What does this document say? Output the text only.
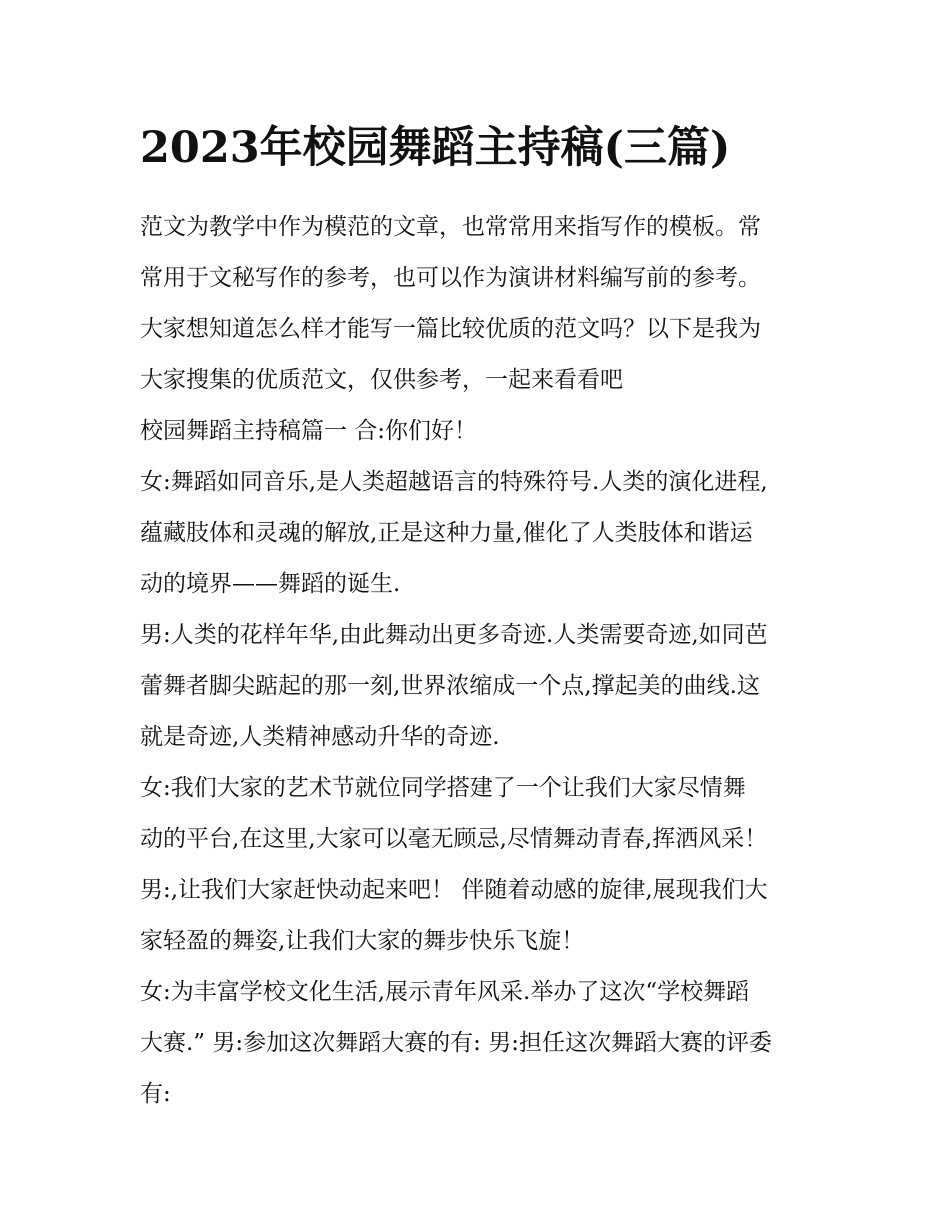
2023年校园舞蹈主持稿(三篇)

范文为教学中作为模范的文章，也常常用来指写作的模板。常

常用于文秘写作的参考，也可以作为演讲材料编写前的参考。

大家想知道怎么样才能写一篇比较优质的范文吗？以下是我为

大家搜集的优质范文，仅供参考，一起来看看吧

校园舞蹈主持稿篇一 合:你们好！

女:舞蹈如同音乐,是人类超越语言的特殊符号.人类的演化进程,

蕴藏肢体和灵魂的解放,正是这种力量,催化了人类肢体和谐运

动的境界——舞蹈的诞生.

男:人类的花样年华,由此舞动出更多奇迹.人类需要奇迹,如同芭

蕾舞者脚尖踮起的那一刻,世界浓缩成一个点,撑起美的曲线.这

就是奇迹,人类精神感动升华的奇迹.

女:我们大家的艺术节就位同学搭建了一个让我们大家尽情舞

动的平台,在这里,大家可以毫无顾忌,尽情舞动青春,挥洒风采！

男:,让我们大家赶快动起来吧！ 伴随着动感的旋律,展现我们大

家轻盈的舞姿,让我们大家的舞步快乐飞旋！

女:为丰富学校文化生活,展示青年风采.举办了这次“学校舞蹈

大赛.” 男:参加这次舞蹈大赛的有: 男:担任这次舞蹈大赛的评委

有:
